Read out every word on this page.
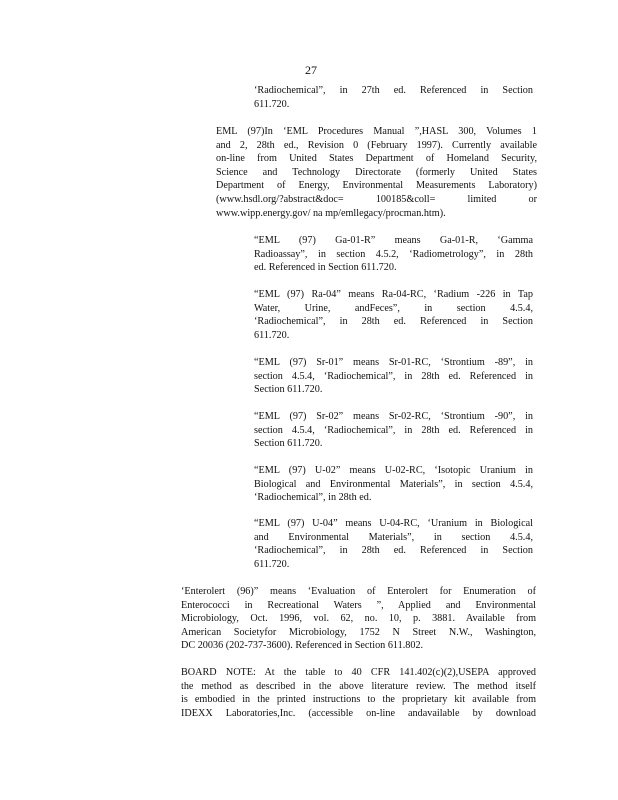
27
‘Radiochemical”, in 27th ed. Referenced in Section
611.720.
EML (97)In ‘EML Procedures Manual ”,HASL 300, Volumes 1
and 2, 28th ed., Revision 0 (February 1997). Currently available
on-line from United States Department of Homeland Security,
Science and Technology Directorate (formerly United States
Department of Energy, Environmental Measurements Laboratory)
(www.hsdl.org/?abstract&doc= 100185&coll= limited or
www.wipp.energy.gov/ na mp/emllegacy/procman.htm).
“EML (97) Ga-01-R” means Ga-01-R, ‘Gamma
Radioassay”, in section 4.5.2, ‘Radiometrology”, in 28th
ed. Referenced in Section 611.720.
“EML (97) Ra-04” means Ra-04-RC, ‘Radium -226 in Tap
Water, Urine, andFeces”, in section 4.5.4,
‘Radiochemical”, in 28th ed. Referenced in Section
611.720.
“EML (97) Sr-01” means Sr-01-RC, ‘Strontium -89”, in
section 4.5.4, ‘Radiochemical”, in 28th ed. Referenced in
Section 611.720.
“EML (97) Sr-02” means Sr-02-RC, ‘Strontium -90”, in
section 4.5.4, ‘Radiochemical”, in 28th ed. Referenced in
Section 611.720.
“EML (97) U-02” means U-02-RC, ‘Isotopic Uranium in
Biological and Environmental Materials”, in section 4.5.4,
‘Radiochemical”, in 28th ed.
“EML (97) U-04” means U-04-RC, ‘Uranium in Biological
and Environmental Materials”, in section 4.5.4,
‘Radiochemical”, in 28th ed. Referenced in Section
611.720.
‘Enterolert (96)” means ‘Evaluation of Enterolert for Enumeration of
Enterococci in Recreational Waters ”, Applied and Environmental
Microbiology, Oct. 1996, vol. 62, no. 10, p. 3881. Available from
American Societyfor Microbiology, 1752 N Street N.W., Washington,
DC 20036 (202-737-3600). Referenced in Section 611.802.
BOARD NOTE: At the table to 40 CFR 141.402(c)(2),USEPA approved
the method as described in the above literature review. The method itself
is embodied in the printed instructions to the proprietary kit available from
IDEXX Laboratories,Inc. (accessible on-line andavailable by download
